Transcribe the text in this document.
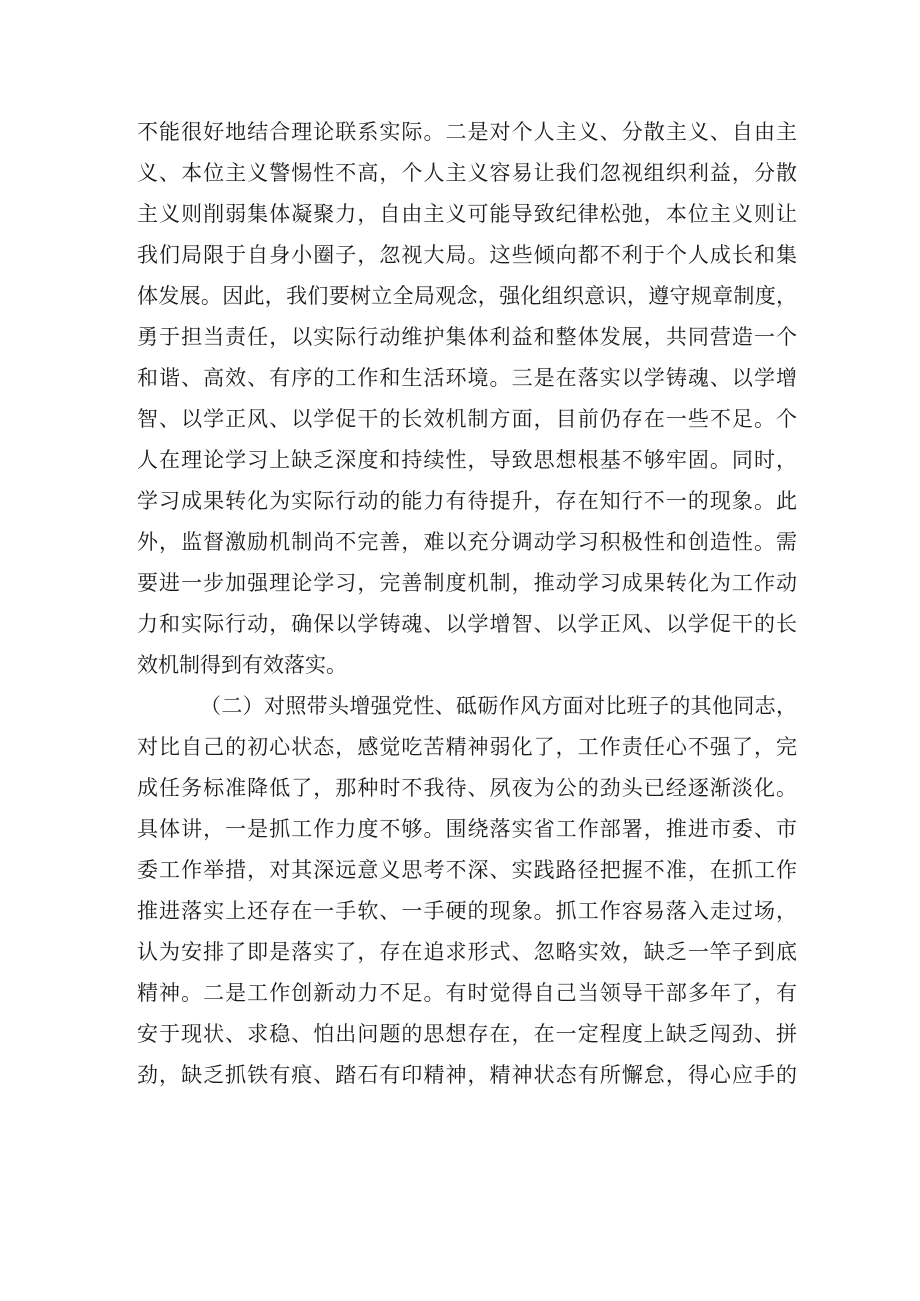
不能很好地结合理论联系实际。二是对个人主义、分散主义、自由主
义、本位主义警惕性不高，个人主义容易让我们忽视组织利益，分散
主义则削弱集体凝聚力，自由主义可能导致纪律松弛，本位主义则让
我们局限于自身小圈子，忽视大局。这些倾向都不利于个人成长和集
体发展。因此，我们要树立全局观念，强化组织意识，遵守规章制度，
勇于担当责任，以实际行动维护集体利益和整体发展，共同营造一个
和谐、高效、有序的工作和生活环境。三是在落实以学铸魂、以学增
智、以学正风、以学促干的长效机制方面，目前仍存在一些不足。个
人在理论学习上缺乏深度和持续性，导致思想根基不够牢固。同时，
学习成果转化为实际行动的能力有待提升，存在知行不一的现象。此
外，监督激励机制尚不完善，难以充分调动学习积极性和创造性。需
要进一步加强理论学习，完善制度机制，推动学习成果转化为工作动
力和实际行动，确保以学铸魂、以学增智、以学正风、以学促干的长
效机制得到有效落实。
（二）对照带头增强党性、砥砺作风方面对比班子的其他同志，
对比自己的初心状态，感觉吃苦精神弱化了，工作责任心不强了，完
成任务标准降低了，那种时不我待、夙夜为公的劲头已经逐渐淡化。
具体讲，一是抓工作力度不够。围绕落实省工作部署，推进市委、市
委工作举措，对其深远意义思考不深、实践路径把握不准，在抓工作
推进落实上还存在一手软、一手硬的现象。抓工作容易落入走过场，
认为安排了即是落实了，存在追求形式、忽略实效，缺乏一竿子到底
精神。二是工作创新动力不足。有时觉得自己当领导干部多年了，有
安于现状、求稳、怕出问题的思想存在，在一定程度上缺乏闯劲、拼
劲，缺乏抓铁有痕、踏石有印精神，精神状态有所懈怠，得心应手的
